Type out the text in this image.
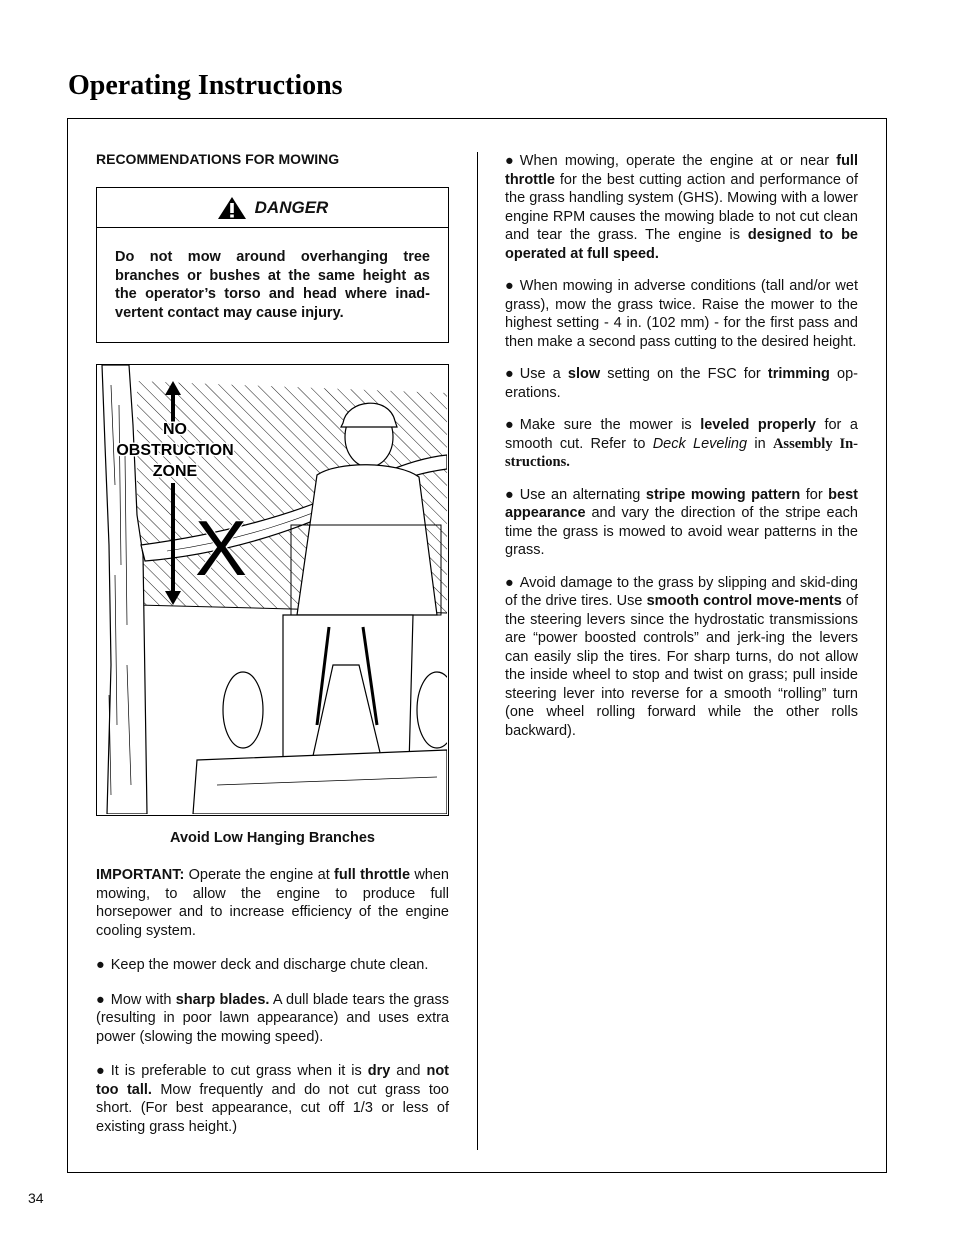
Operating Instructions
RECOMMENDATIONS FOR MOWING
DANGER
Do not mow around overhanging tree branches or bushes at the same height as the operator’s torso and head where inad-vertent contact may cause injury.
NO
OBSTRUCTION
ZONE
X
Avoid Low Hanging Branches
IMPORTANT: Operate the engine at full throttle when mowing, to allow the engine to produce full horsepower and to increase efficiency of the engine cooling system.
● Keep the mower deck and discharge chute clean.
● Mow with sharp blades. A dull blade tears the grass (resulting in poor lawn appearance) and uses extra power (slowing the mowing speed).
● It is preferable to cut grass when it is dry and not too tall. Mow frequently and do not cut grass too short. (For best appearance, cut off 1/3 or less of existing grass height.)
● When mowing, operate the engine at or near full throttle for the best cutting action and performance of the grass handling system (GHS). Mowing with a lower engine RPM causes the mowing blade to not cut clean and tear the grass. The engine is designed to be operated at full speed.
● When mowing in adverse conditions (tall and/or wet grass), mow the grass twice. Raise the mower to the highest setting - 4 in. (102 mm) - for the first pass and then make a second pass cutting to the desired height.
● Use a slow setting on the FSC for trimming op-erations.
● Make sure the mower is leveled properly for a smooth cut. Refer to Deck Leveling in Assembly In-structions.
● Use an alternating stripe mowing pattern for best appearance and vary the direction of the stripe each time the grass is mowed to avoid wear patterns in the grass.
● Avoid damage to the grass by slipping and skid-ding of the drive tires. Use smooth control move-ments of the steering levers since the hydrostatic transmissions are “power boosted controls” and jerk-ing the levers can easily slip the tires. For sharp turns, do not allow the inside wheel to stop and twist on grass; pull inside steering lever into reverse for a smooth “rolling” turn (one wheel rolling forward while the other rolls backward).
34
